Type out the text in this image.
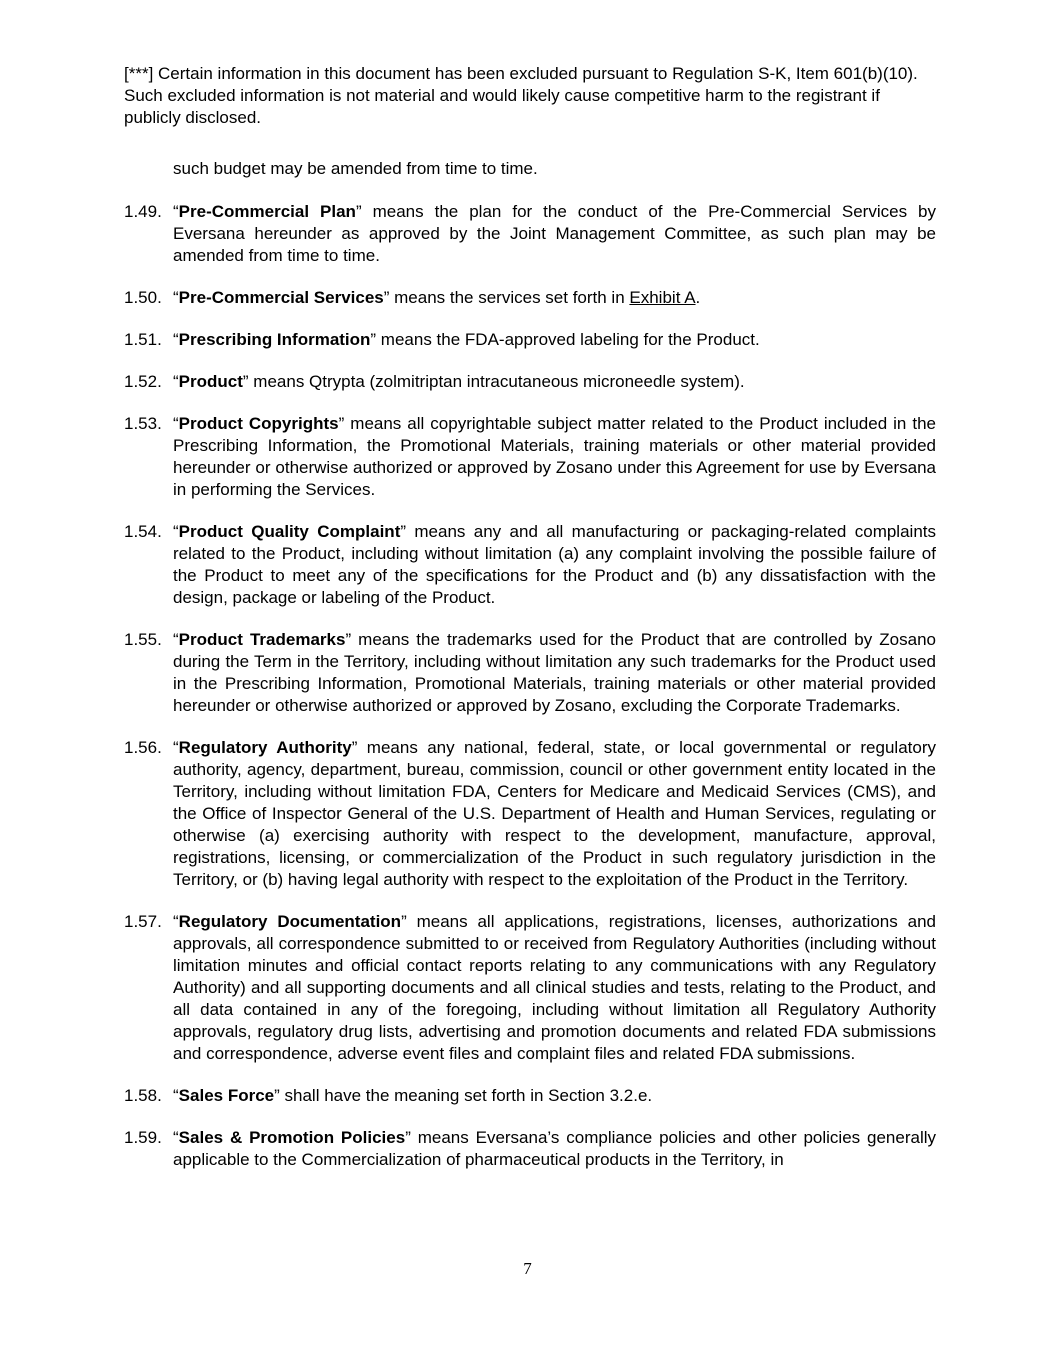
[***] Certain information in this document has been excluded pursuant to Regulation S-K, Item 601(b)(10). Such excluded information is not material and would likely cause competitive harm to the registrant if publicly disclosed.

such budget may be amended from time to time.

1.49. “Pre-Commercial Plan” means the plan for the conduct of the Pre-Commercial Services by Eversana hereunder as approved by the Joint Management Committee, as such plan may be amended from time to time.
1.50. “Pre-Commercial Services” means the services set forth in Exhibit A.
1.51. “Prescribing Information” means the FDA-approved labeling for the Product.
1.52. “Product” means Qtrypta (zolmitriptan intracutaneous microneedle system).
1.53. “Product Copyrights” means all copyrightable subject matter related to the Product included in the Prescribing Information, the Promotional Materials, training materials or other material provided hereunder or otherwise authorized or approved by Zosano under this Agreement for use by Eversana in performing the Services.
1.54. “Product Quality Complaint” means any and all manufacturing or packaging-related complaints related to the Product, including without limitation (a) any complaint involving the possible failure of the Product to meet any of the specifications for the Product and (b) any dissatisfaction with the design, package or labeling of the Product.
1.55. “Product Trademarks” means the trademarks used for the Product that are controlled by Zosano during the Term in the Territory, including without limitation any such trademarks for the Product used in the Prescribing Information, Promotional Materials, training materials or other material provided hereunder or otherwise authorized or approved by Zosano, excluding the Corporate Trademarks.
1.56. “Regulatory Authority” means any national, federal, state, or local governmental or regulatory authority, agency, department, bureau, commission, council or other government entity located in the Territory, including without limitation FDA, Centers for Medicare and Medicaid Services (CMS), and the Office of Inspector General of the U.S. Department of Health and Human Services, regulating or otherwise (a) exercising authority with respect to the development, manufacture, approval, registrations, licensing, or commercialization of the Product in such regulatory jurisdiction in the Territory, or (b) having legal authority with respect to the exploitation of the Product in the Territory.
1.57. “Regulatory Documentation” means all applications, registrations, licenses, authorizations and approvals, all correspondence submitted to or received from Regulatory Authorities (including without limitation minutes and official contact reports relating to any communications with any Regulatory Authority) and all supporting documents and all clinical studies and tests, relating to the Product, and all data contained in any of the foregoing, including without limitation all Regulatory Authority approvals, regulatory drug lists, advertising and promotion documents and related FDA submissions and correspondence, adverse event files and complaint files and related FDA submissions.
1.58. “Sales Force” shall have the meaning set forth in Section 3.2.e.
1.59. “Sales & Promotion Policies” means Eversana’s compliance policies and other policies generally applicable to the Commercialization of pharmaceutical products in the Territory, in
7
